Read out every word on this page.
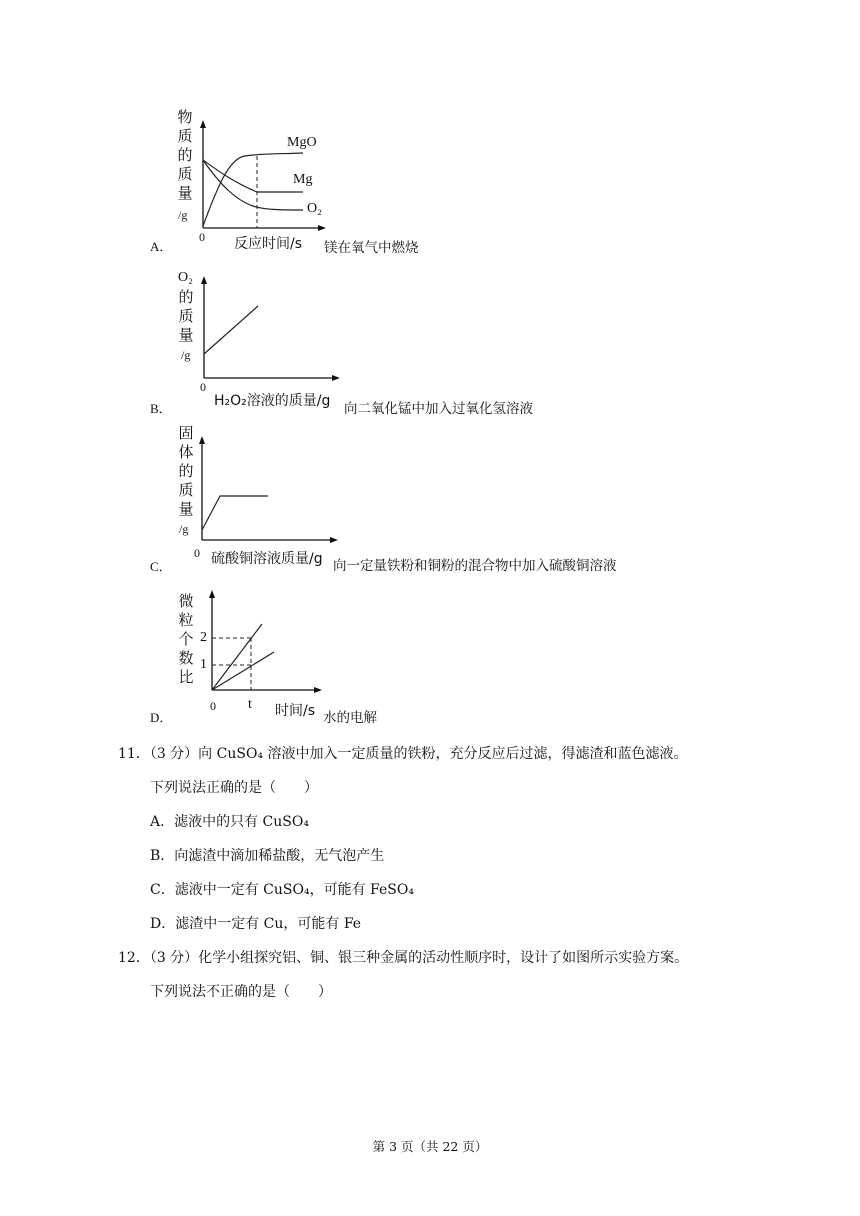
物
质
的
质
量
/g
MgO
Mg
O₂
A．
0 反应时间/s 镁在氧气中燃烧
O₂
的
质
量
/g
0
B．	H₂O₂溶液的质量/g 向二氧化锰中加入过氧化氢溶液
固
体
的
质
量
/g
0
C．	硫酸铜溶液质量/g 向一定量铁粉和铜粉的混合物中加入硫酸铜溶液
微
粒
个
数
比
2
1
0 t
D．	时间/s 水的电解
11．（3 分）向 CuSO₄ 溶液中加入一定质量的铁粉，充分反应后过滤，得滤渣和蓝色滤液。
下列说法正确的是（　　）
A．滤液中的只有 CuSO₄
B．向滤渣中滴加稀盐酸，无气泡产生
C．滤液中一定有 CuSO₄，可能有 FeSO₄
D．滤渣中一定有 Cu，可能有 Fe
12．（3 分）化学小组探究铝、铜、银三种金属的活动性顺序时，设计了如图所示实验方案。
下列说法不正确的是（　　）
第 3 页（共 22 页）
